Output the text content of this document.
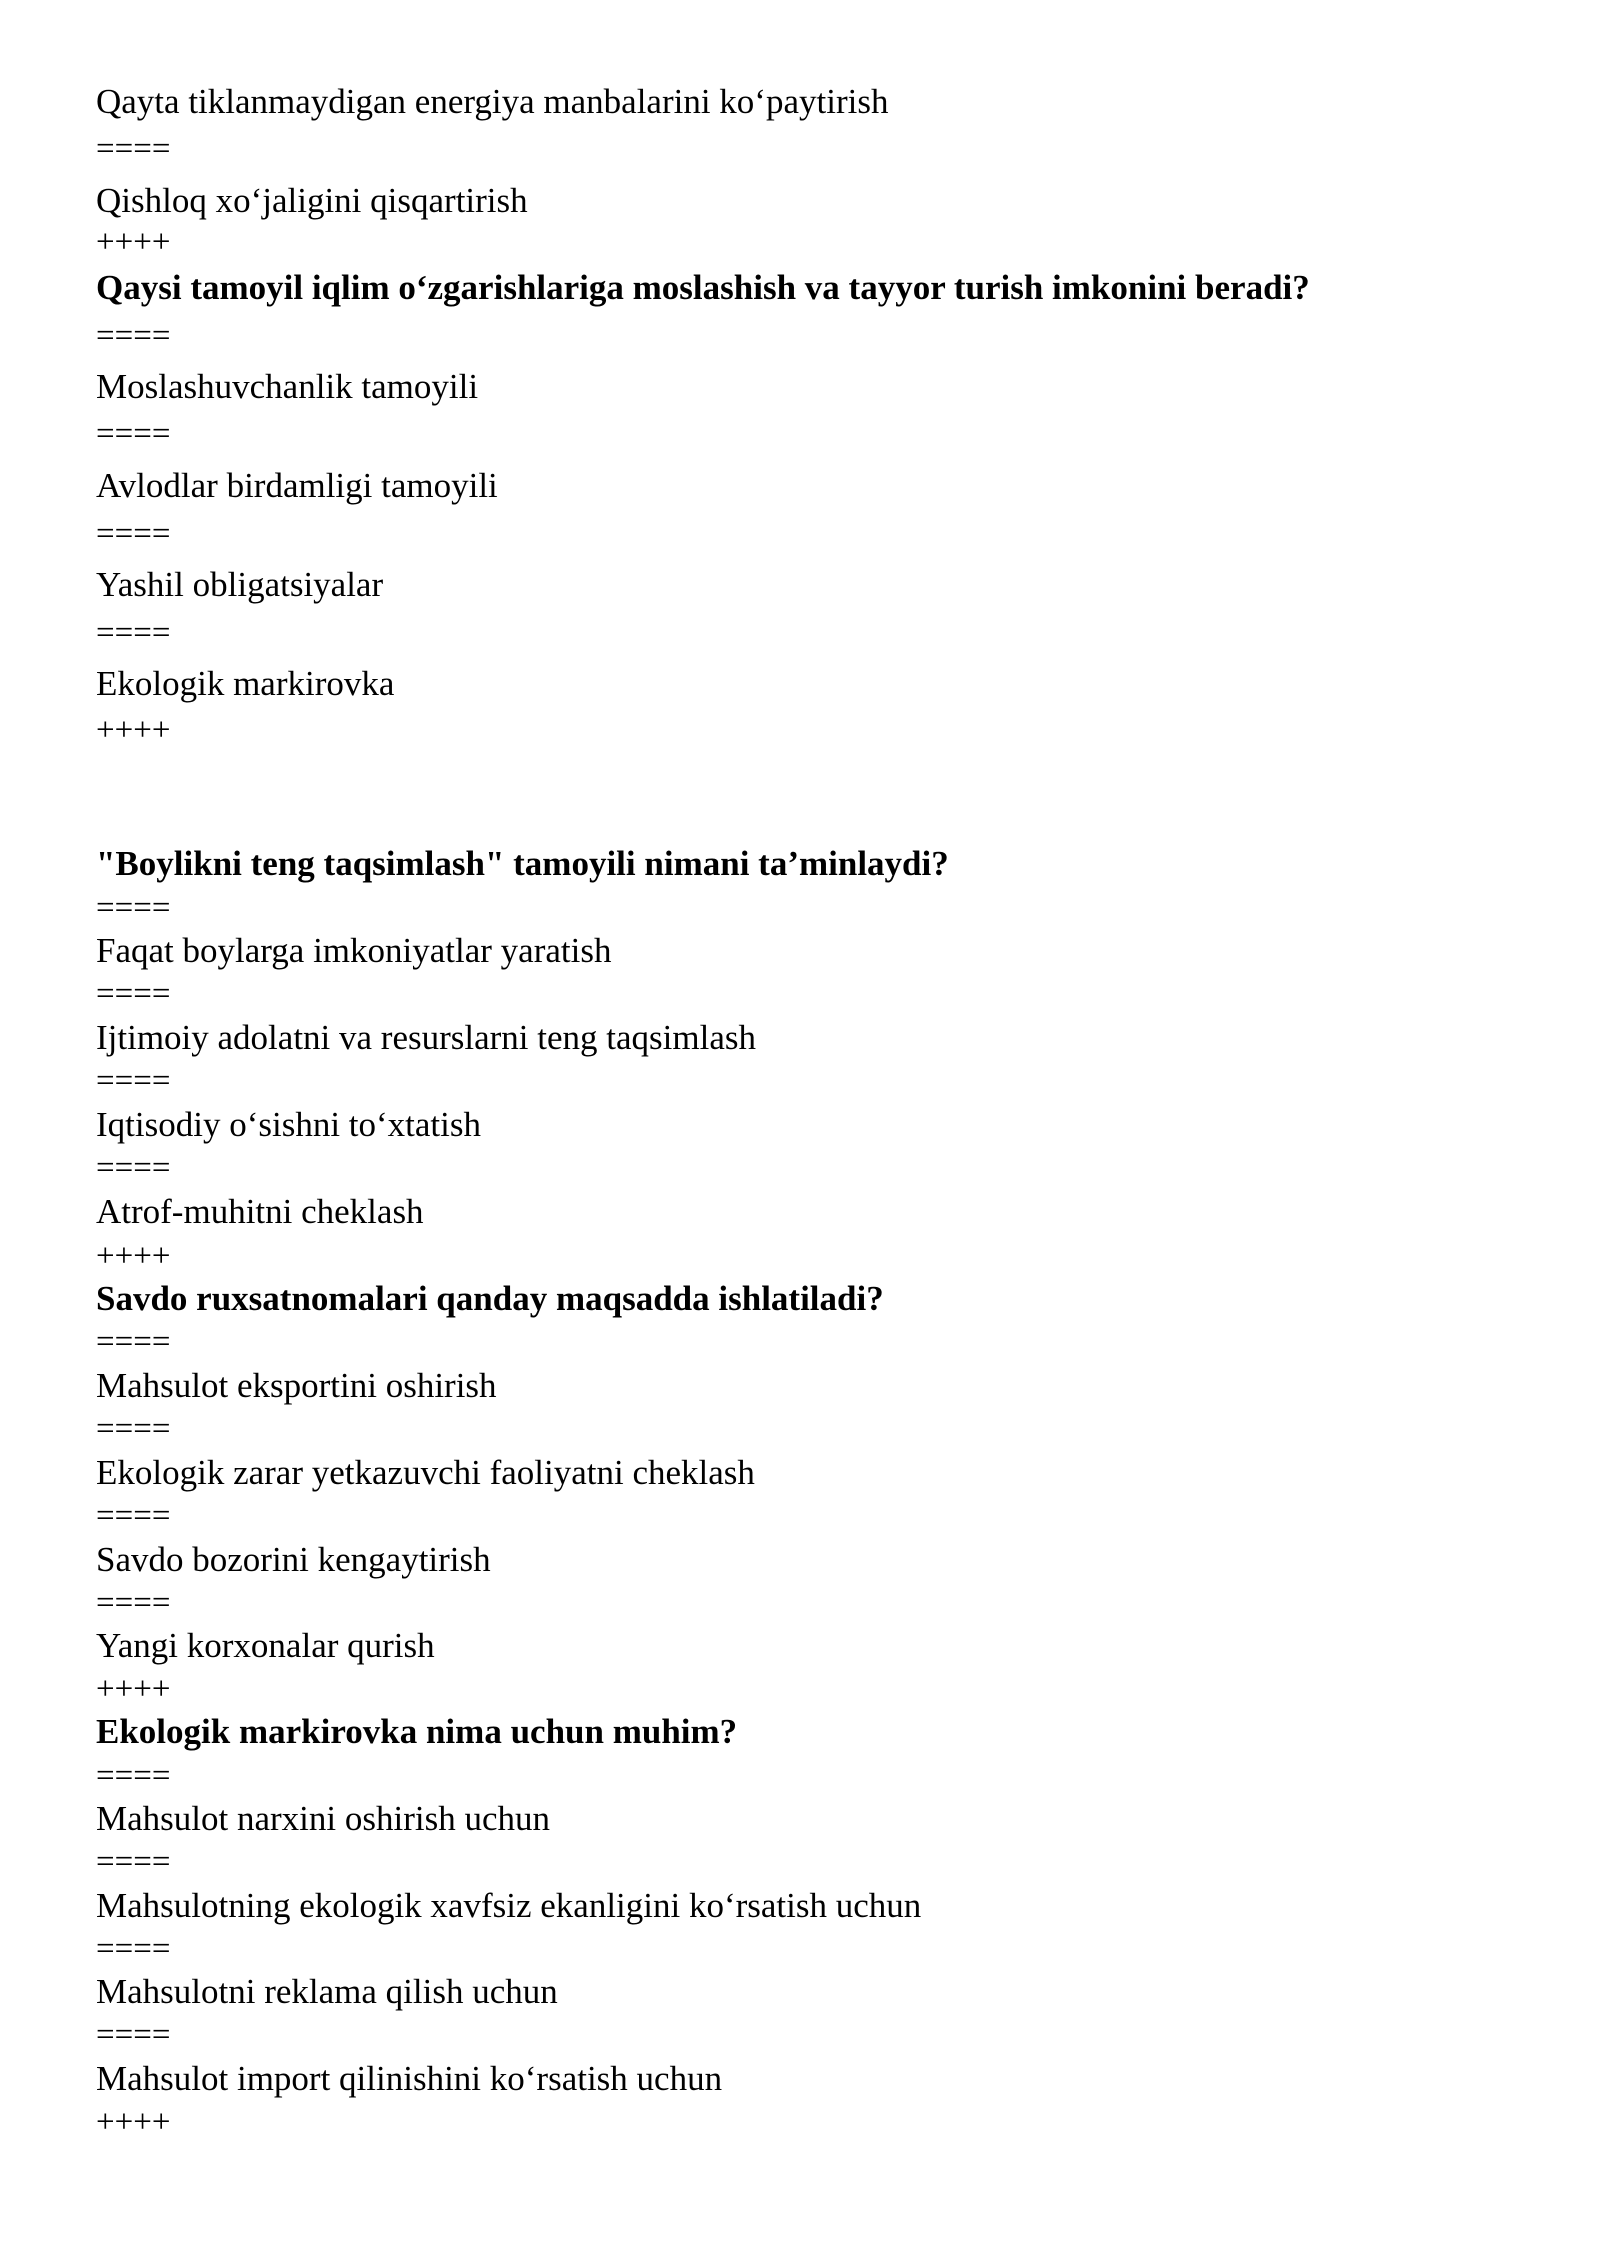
Qayta tiklanmaydigan energiya manbalarini ko‘paytirish
====
Qishloq xo‘jaligini qisqartirish
++++
Qaysi tamoyil iqlim o‘zgarishlariga moslashish va tayyor turish imkonini beradi?
====
Moslashuvchanlik tamoyili
====
Avlodlar birdamligi tamoyili
====
Yashil obligatsiyalar
====
Ekologik markirovka
++++
"Boylikni teng taqsimlash" tamoyili nimani ta’minlaydi?
====
Faqat boylarga imkoniyatlar yaratish
====
Ijtimoiy adolatni va resurslarni teng taqsimlash
====
Iqtisodiy o‘sishni to‘xtatish
====
Atrof-muhitni cheklash
++++
Savdo ruxsatnomalari qanday maqsadda ishlatiladi?
====
Mahsulot eksportini oshirish
====
Ekologik zarar yetkazuvchi faoliyatni cheklash
====
Savdo bozorini kengaytirish
====
Yangi korxonalar qurish
++++
Ekologik markirovka nima uchun muhim?
====
Mahsulot narxini oshirish uchun
====
Mahsulotning ekologik xavfsiz ekanligini ko‘rsatish uchun
====
Mahsulotni reklama qilish uchun
====
Mahsulot import qilinishini ko‘rsatish uchun
++++
